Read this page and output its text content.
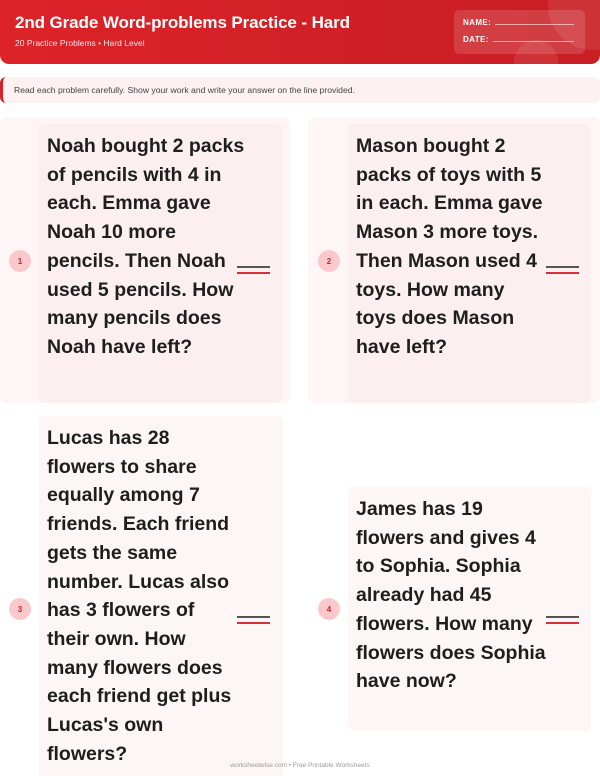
2nd Grade Word-problems Practice - Hard
20 Practice Problems • Hard Level
NAME:
DATE:
Read each problem carefully. Show your work and write your answer on the line provided.
1
Noah bought 2 packs of pencils with 4 in each. Emma gave Noah 10 more pencils. Then Noah used 5 pencils. How many pencils does Noah have left?
2
Mason bought 2 packs of toys with 5 in each. Emma gave Mason 3 more toys. Then Mason used 4 toys. How many toys does Mason have left?
3
Lucas has 28 flowers to share equally among 7 friends. Each friend gets the same number. Lucas also has 3 flowers of their own. How many flowers does each friend get plus Lucas's own flowers?
4
James has 19 flowers and gives 4 to Sophia. Sophia already had 45 flowers. How many flowers does Sophia have now?
worksheetwise.com • Free Printable Worksheets
